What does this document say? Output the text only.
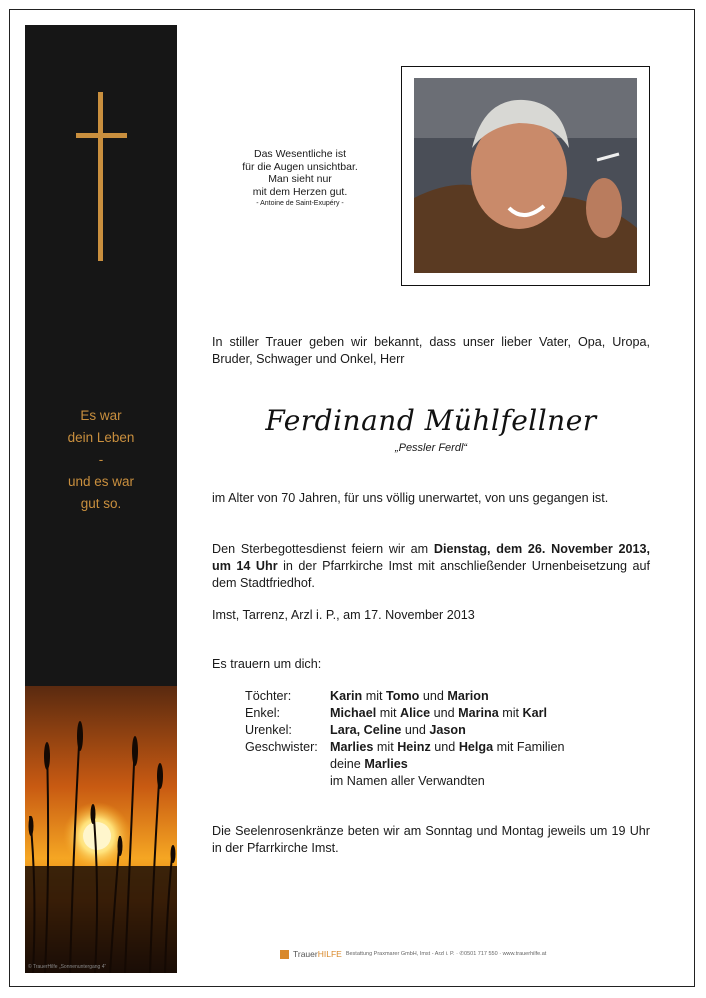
Es war
dein Leben
-
und es war
gut so.
© TrauerHilfe „Sonnenuntergang 4“
Das Wesentliche ist
für die Augen unsichtbar.
Man sieht nur
mit dem Herzen gut.
- Antoine de Saint-Exupéry -
In stiller Trauer geben wir bekannt, dass unser lieber Vater, Opa, Uropa, Bruder, Schwager und Onkel, Herr
Ferdinand Mühlfellner
„Pessler Ferdl“
im Alter von 70 Jahren, für uns völlig unerwartet, von uns gegangen ist.
Den Sterbegottesdienst feiern wir am Dienstag, dem 26. November 2013, um 14 Uhr in der Pfarrkirche Imst mit anschließender Urnenbeisetzung auf dem Stadtfriedhof.
Imst, Tarrenz, Arzl i. P., am 17. November 2013
Es trauern um dich:
Töchter:	Karin mit Tomo und Marion
Enkel:	Michael mit Alice und Marina mit Karl
Urenkel:	Lara, Celine und Jason
Geschwister: Marlies mit Heinz und Helga mit Familien
deine Marlies
im Namen aller Verwandten
Die Seelenrosenkränze beten wir am Sonntag und Montag jeweils um 19 Uhr in der Pfarrkirche Imst.
TrauerHILFE Bestattung Praxmarer GmbH, Imst - Arzl i. P. · ✆0501 717 550 · www.trauerhilfe.at
